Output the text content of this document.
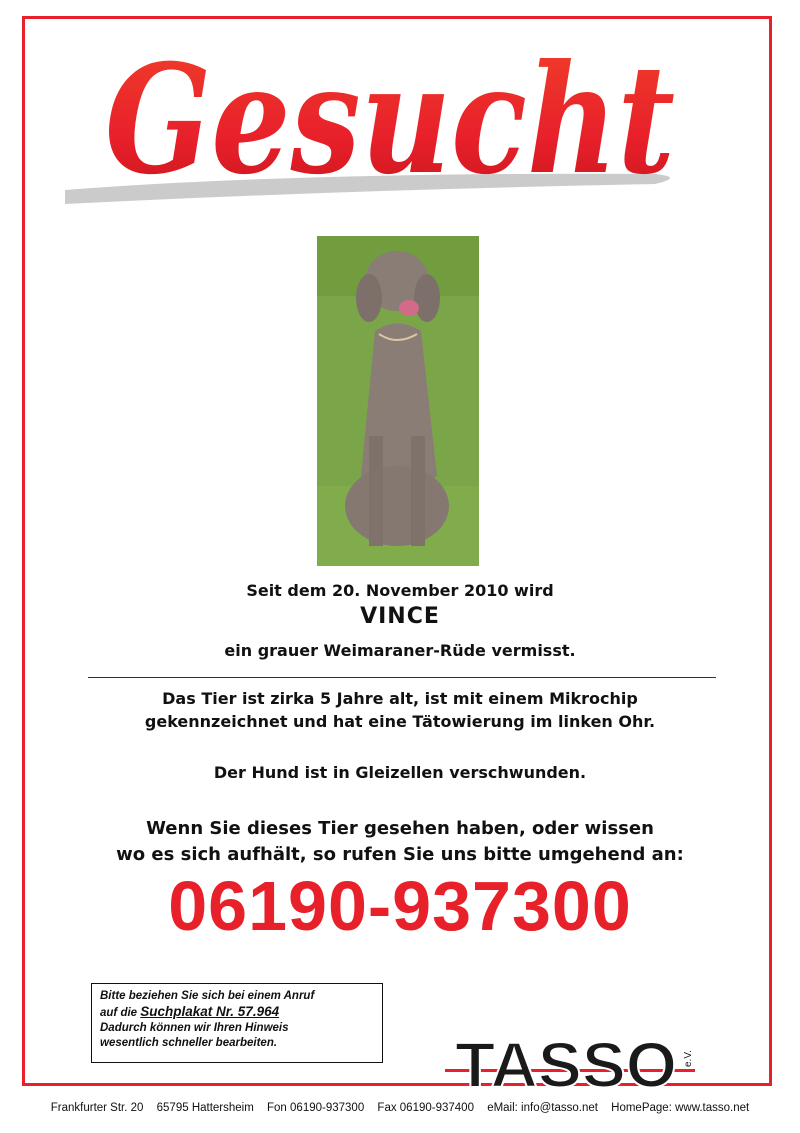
Gesucht
Seit dem 20. November 2010 wird
VINCE
ein grauer Weimaraner-Rüde vermisst.
Das Tier ist zirka 5 Jahre alt, ist mit einem Mikrochip
gekennzeichnet und hat eine Tätowierung im linken Ohr.
Der Hund ist in Gleizellen verschwunden.
Wenn Sie dieses Tier gesehen haben, oder wissen
wo es sich aufhält, so rufen Sie uns bitte umgehend an:
06190-937300
Bitte beziehen Sie sich bei einem Anruf
auf die Suchplakat Nr. 57.964
Dadurch können wir Ihren Hinweis
wesentlich schneller bearbeiten.	TASSO e.V.
Frankfurter Str. 20 65795 Hattersheim Fon 06190-937300 Fax 06190-937400 eMail: info@tasso.net HomePage: www.tasso.net
